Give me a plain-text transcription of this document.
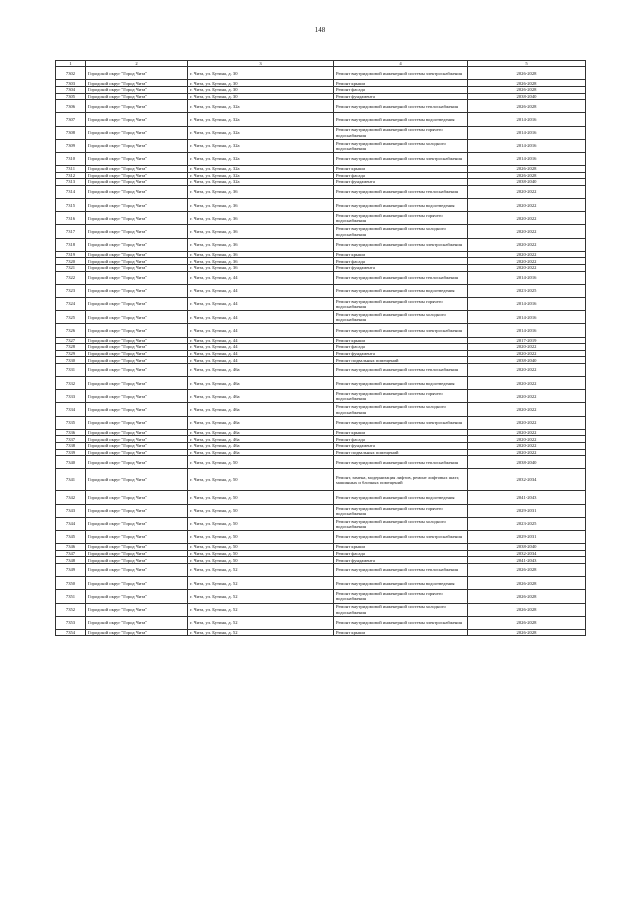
148
1	2	3	4	5
7302	Городской округ "Город Чита"	г. Чита, ул. Бутина, д. 30	Ремонт внутридомовой инженерной системы электроснабжения	2026-2028
7303	Городской округ "Город Чита"	г. Чита, ул. Бутина, д. 30	Ремонт крыши	2026-2028
7304	Городской округ "Город Чита"	г. Чита, ул. Бутина, д. 30	Ремонт фасада	2026-2028
7305	Городской округ "Город Чита"	г. Чита, ул. Бутина, д. 30	Ремонт фундамента	2038-2040
7306	Городской округ "Город Чита"	г. Чита, ул. Бутина, д. 32а	Ремонт внутридомовой инженерной системы теплоснабжения	2026-2028
7307	Городской округ "Город Чита"	г. Чита, ул. Бутина, д. 32а	Ремонт внутридомовой инженерной системы водоотведения	2014-2016
7308	Городской округ "Город Чита"	г. Чита, ул. Бутина, д. 32а	Ремонт внутридомовой инженерной системы горячего водоснабжения	2014-2016
7309	Городской округ "Город Чита"	г. Чита, ул. Бутина, д. 32а	Ремонт внутридомовой инженерной системы холодного водоснабжения	2014-2016
7310	Городской округ "Город Чита"	г. Чита, ул. Бутина, д. 32а	Ремонт внутридомовой инженерной системы электроснабжения	2014-2016
7311	Городской округ "Город Чита"	г. Чита, ул. Бутина, д. 32а	Ремонт крыши	2026-2028
7312	Городской округ "Город Чита"	г. Чита, ул. Бутина, д. 32а	Ремонт фасада	2026-2028
7313	Городской округ "Город Чита"	г. Чита, ул. Бутина, д. 32а	Ремонт фундамента	2038-2040
7314	Городской округ "Город Чита"	г. Чита, ул. Бутина, д. 36	Ремонт внутридомовой инженерной системы теплоснабжения	2020-2022
7315	Городской округ "Город Чита"	г. Чита, ул. Бутина, д. 36	Ремонт внутридомовой инженерной системы водоотведения	2020-2022
7316	Городской округ "Город Чита"	г. Чита, ул. Бутина, д. 36	Ремонт внутридомовой инженерной системы горячего водоснабжения	2020-2022
7317	Городской округ "Город Чита"	г. Чита, ул. Бутина, д. 36	Ремонт внутридомовой инженерной системы холодного водоснабжения	2020-2022
7318	Городской округ "Город Чита"	г. Чита, ул. Бутина, д. 36	Ремонт внутридомовой инженерной системы электроснабжения	2020-2022
7319	Городской округ "Город Чита"	г. Чита, ул. Бутина, д. 36	Ремонт крыши	2020-2022
7320	Городской округ "Город Чита"	г. Чита, ул. Бутина, д. 36	Ремонт фасада	2020-2022
7321	Городской округ "Город Чита"	г. Чита, ул. Бутина, д. 36	Ремонт фундамента	2020-2022
7322	Городской округ "Город Чита"	г. Чита, ул. Бутина, д. 44	Ремонт внутридомовой инженерной системы теплоснабжения	2014-2016
7323	Городской округ "Город Чита"	г. Чита, ул. Бутина, д. 44	Ремонт внутридомовой инженерной системы водоотведения	2023-2025
7324	Городской округ "Город Чита"	г. Чита, ул. Бутина, д. 44	Ремонт внутридомовой инженерной системы горячего водоснабжения	2014-2016
7325	Городской округ "Город Чита"	г. Чита, ул. Бутина, д. 44	Ремонт внутридомовой инженерной системы холодного водоснабжения	2014-2016
7326	Городской округ "Город Чита"	г. Чита, ул. Бутина, д. 44	Ремонт внутридомовой инженерной системы электроснабжения	2014-2016
7327	Городской округ "Город Чита"	г. Чита, ул. Бутина, д. 44	Ремонт крыши	2017-2019
7328	Городской округ "Город Чита"	г. Чита, ул. Бутина, д. 44	Ремонт фасада	2020-2022
7329	Городской округ "Город Чита"	г. Чита, ул. Бутина, д. 44	Ремонт фундамента	2020-2022
7330	Городской округ "Город Чита"	г. Чита, ул. Бутина, д. 44	Ремонт подвальных помещений	2038-2040
7331	Городской округ "Город Чита"	г. Чита, ул. Бутина, д. 46а	Ремонт внутридомовой инженерной системы теплоснабжения	2020-2022
7332	Городской округ "Город Чита"	г. Чита, ул. Бутина, д. 46а	Ремонт внутридомовой инженерной системы водоотведения	2020-2022
7333	Городской округ "Город Чита"	г. Чита, ул. Бутина, д. 46а	Ремонт внутридомовой инженерной системы горячего водоснабжения	2020-2022
7334	Городской округ "Город Чита"	г. Чита, ул. Бутина, д. 46а	Ремонт внутридомовой инженерной системы холодного водоснабжения	2020-2022
7335	Городской округ "Город Чита"	г. Чита, ул. Бутина, д. 46а	Ремонт внутридомовой инженерной системы электроснабжения	2020-2022
7336	Городской округ "Город Чита"	г. Чита, ул. Бутина, д. 46а	Ремонт крыши	2020-2022
7337	Городской округ "Город Чита"	г. Чита, ул. Бутина, д. 46а	Ремонт фасада	2020-2022
7338	Городской округ "Город Чита"	г. Чита, ул. Бутина, д. 46а	Ремонт фундамента	2020-2022
7339	Городской округ "Город Чита"	г. Чита, ул. Бутина, д. 46а	Ремонт подвальных помещений	2020-2022
7340	Городской округ "Город Чита"	г. Чита, ул. Бутина, д. 50	Ремонт внутридомовой инженерной системы теплоснабжения	2038-2040
7341	Городской округ "Город Чита"	г. Чита, ул. Бутина, д. 50	Ремонт, замена, модернизация лифтов, ремонт лифтовых шахт, машинных и блочных помещений	2032-2034
7342	Городской округ "Город Чита"	г. Чита, ул. Бутина, д. 50	Ремонт внутридомовой инженерной системы водоотведения	2041-2043
7343	Городской округ "Город Чита"	г. Чита, ул. Бутина, д. 50	Ремонт внутридомовой инженерной системы горячего водоснабжения	2029-2031
7344	Городской округ "Город Чита"	г. Чита, ул. Бутина, д. 50	Ремонт внутридомовой инженерной системы холодного водоснабжения	2023-2025
7345	Городской округ "Город Чита"	г. Чита, ул. Бутина, д. 50	Ремонт внутридомовой инженерной системы электроснабжения	2029-2031
7346	Городской округ "Город Чита"	г. Чита, ул. Бутина, д. 50	Ремонт крыши	2038-2040
7347	Городской округ "Город Чита"	г. Чита, ул. Бутина, д. 50	Ремонт фасада	2032-2034
7348	Городской округ "Город Чита"	г. Чита, ул. Бутина, д. 50	Ремонт фундамента	2041-2043
7349	Городской округ "Город Чита"	г. Чита, ул. Бутина, д. 52	Ремонт внутридомовой инженерной системы теплоснабжения	2026-2028
7350	Городской округ "Город Чита"	г. Чита, ул. Бутина, д. 52	Ремонт внутридомовой инженерной системы водоотведения	2026-2028
7351	Городской округ "Город Чита"	г. Чита, ул. Бутина, д. 52	Ремонт внутридомовой инженерной системы горячего водоснабжения	2026-2028
7352	Городской округ "Город Чита"	г. Чита, ул. Бутина, д. 52	Ремонт внутридомовой инженерной системы холодного водоснабжения	2026-2028
7353	Городской округ "Город Чита"	г. Чита, ул. Бутина, д. 52	Ремонт внутридомовой инженерной системы электроснабжения	2026-2028
7354	Городской округ "Город Чита"	г. Чита, ул. Бутина, д. 52	Ремонт крыши	2026-2028
